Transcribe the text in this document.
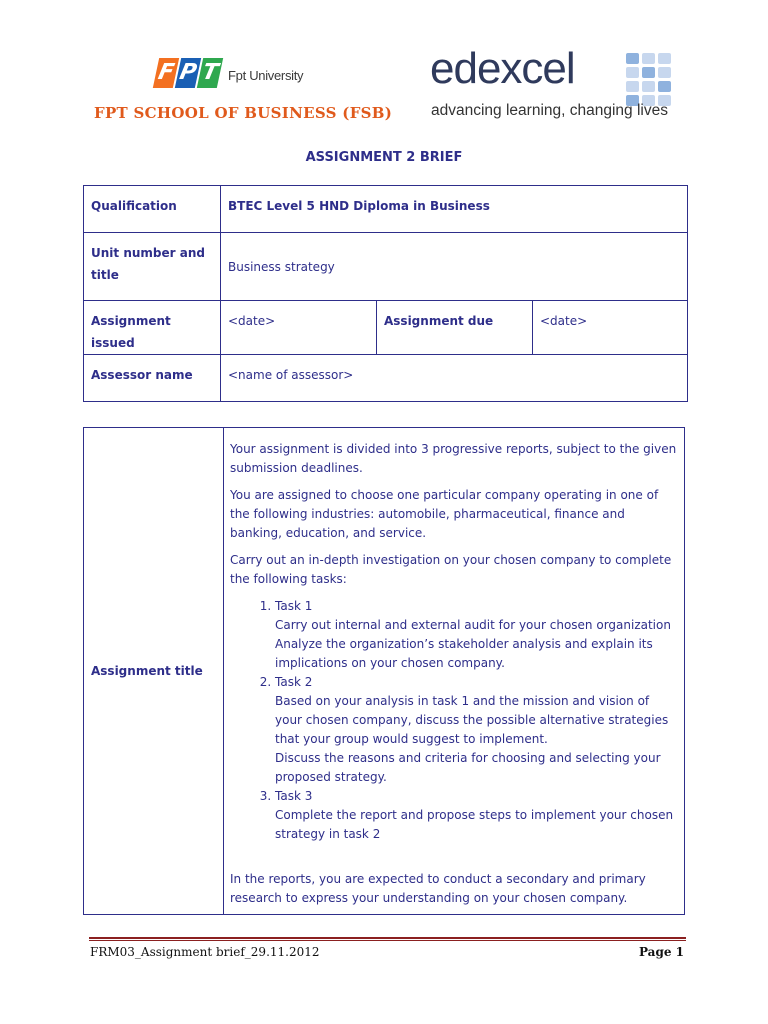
F P T Fpt University
FPT SCHOOL OF BUSINESS (FSB)
edexcel
advancing learning, changing lives
ASSIGNMENT 2 BRIEF
Qualification	BTEC Level 5 HND Diploma in Business		
Unit number and title	Business strategy		
Assignment issued	<date>	Assignment due	<date>
Assessor name	<name of assessor>		
Assignment title	

Your assignment is divided into 3 progressive reports, subject to the given submission deadlines.

You are assigned to choose one particular company operating in one of the following industries: automobile, pharmaceutical, finance and banking, education, and service.

Carry out an in-depth investigation on your chosen company to complete the following tasks:

1. Task 1
Carry out internal and external audit for your chosen organization
Analyze the organization’s stakeholder analysis and explain its implications on your chosen company.
2. Task 2
Based on your analysis in task 1 and the mission and vision of your chosen company, discuss the possible alternative strategies that your group would suggest to implement.
Discuss the reasons and criteria for choosing and selecting your proposed strategy.
3. Task 3
Complete the report and propose steps to implement your chosen strategy in task 2

In the reports, you are expected to conduct a secondary and primary research to express your understanding on your chosen company.

FRM03_Assignment brief_29.11.2012	Page 1
